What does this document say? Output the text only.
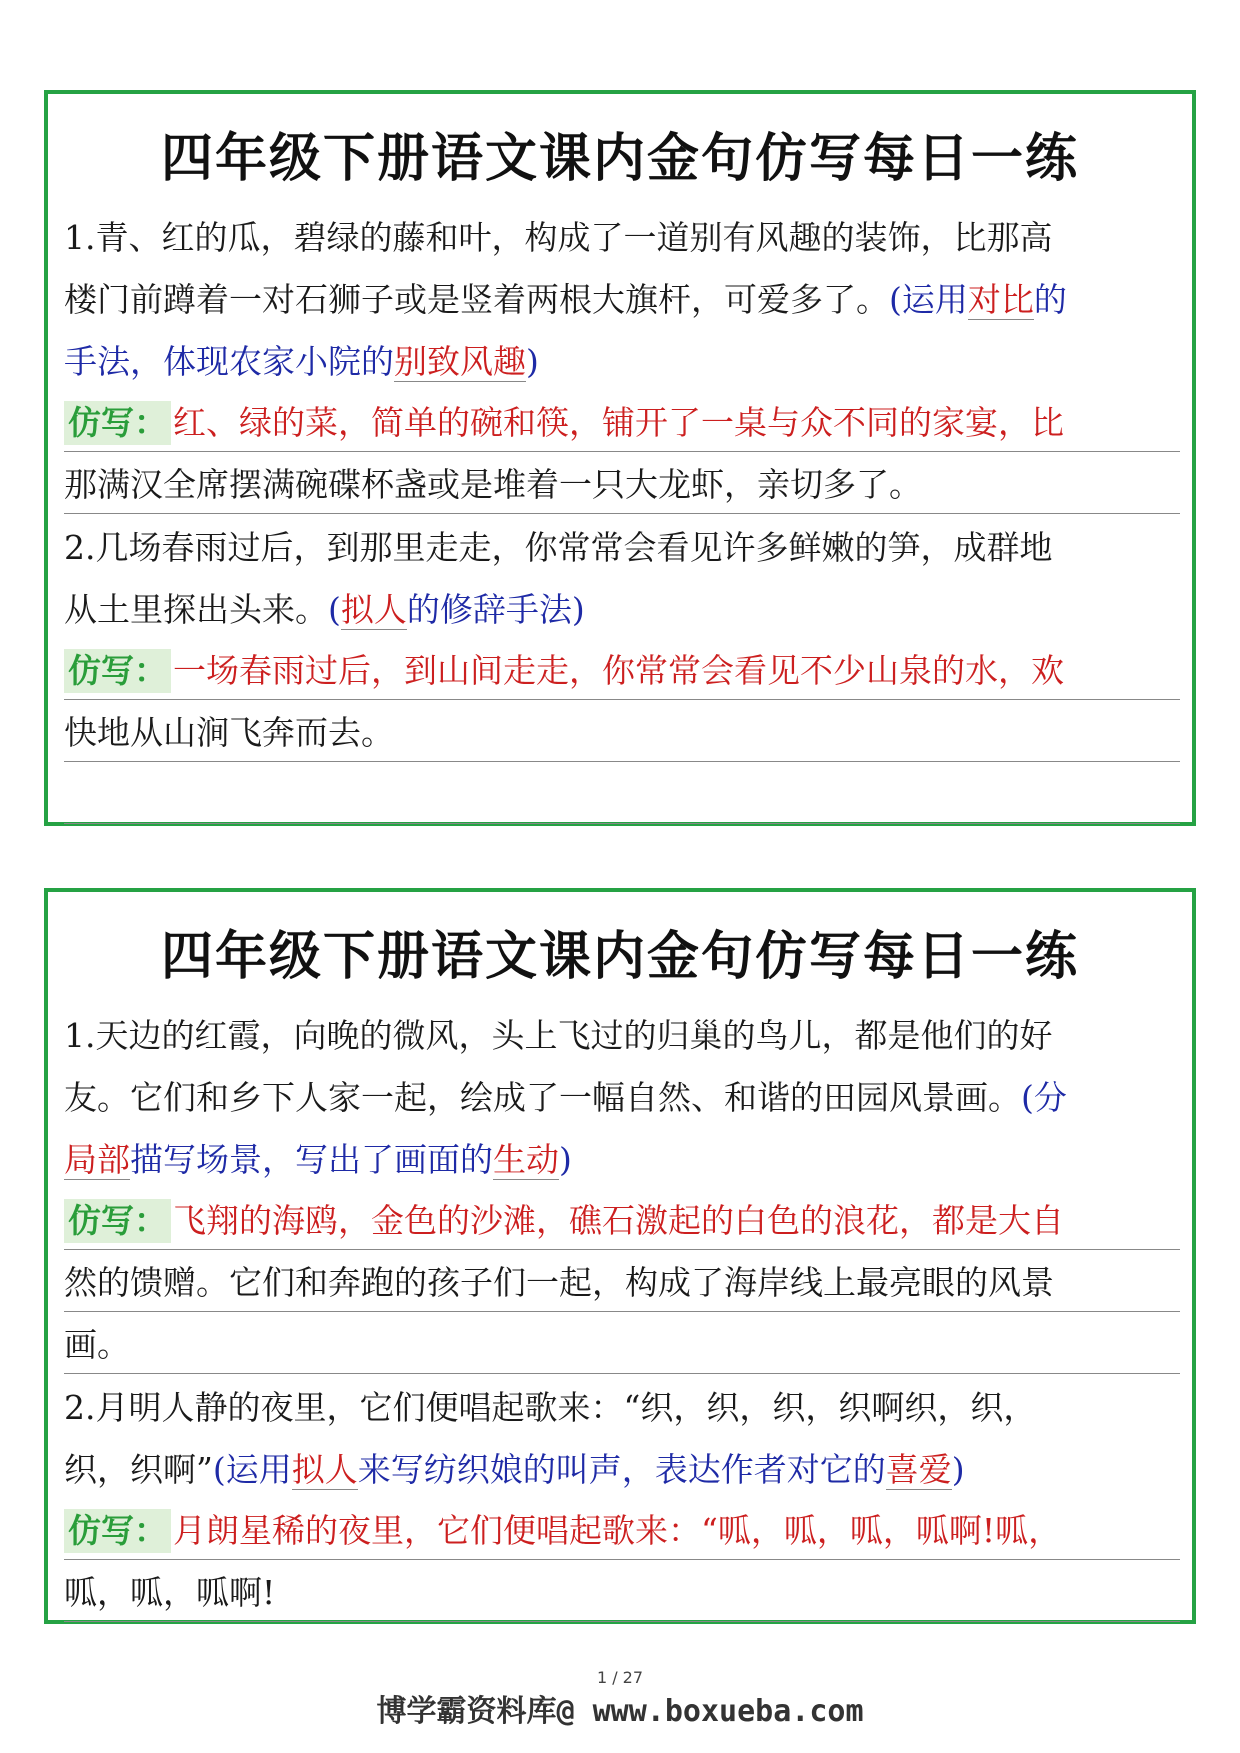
四年级下册语文课内金句仿写每日一练
1.青、红的瓜，碧绿的藤和叶，构成了一道别有风趣的装饰，比那高
楼门前蹲着一对石狮子或是竖着两根大旗杆，可爱多了。(运用对比的
手法，体现农家小院的别致风趣)
仿写： 红、绿的菜，简单的碗和筷，铺开了一桌与众不同的家宴，比
那满汉全席摆满碗碟杯盏或是堆着一只大龙虾，亲切多了。
2.几场春雨过后，到那里走走，你常常会看见许多鲜嫩的笋，成群地
从土里探出头来。(拟人的修辞手法)
仿写： 一场春雨过后，到山间走走，你常常会看见不少山泉的水，欢
快地从山涧飞奔而去。
四年级下册语文课内金句仿写每日一练
1.天边的红霞，向晚的微风，头上飞过的归巢的鸟儿，都是他们的好
友。它们和乡下人家一起，绘成了一幅自然、和谐的田园风景画。(分
局部描写场景，写出了画面的生动)
仿写： 飞翔的海鸥，金色的沙滩，礁石激起的白色的浪花，都是大自
然的馈赠。它们和奔跑的孩子们一起，构成了海岸线上最亮眼的风景
画。
2.月明人静的夜里，它们便唱起歌来：“织，织，织，织啊织，织，
织，织啊”(运用拟人来写纺织娘的叫声，表达作者对它的喜爱)
仿写： 月朗星稀的夜里，它们便唱起歌来：“呱，呱，呱，呱啊!呱，
呱，呱，呱啊!
1 / 27
博学霸资料库@ www.boxueba.com
